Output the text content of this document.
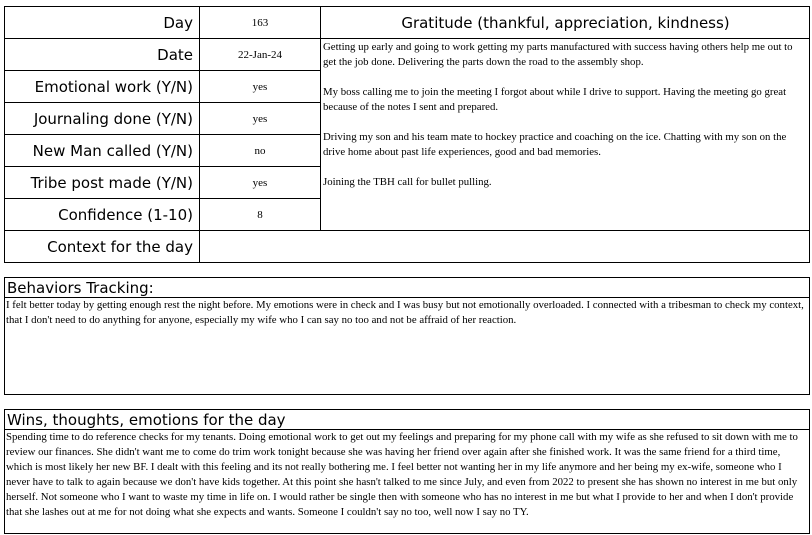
Day	163
Date	22-Jan-24
Emotional work (Y/N)	yes
Journaling done (Y/N)	yes
New Man called (Y/N)	no
Tribe post made (Y/N)	yes
Confidence (1-10)	8
Context for the day
Gratitude (thankful, appreciation, kindness)

Getting up early and going to work getting my parts manufactured with success having others help me out to get the job done. Delivering the parts down the road to the assembly shop.

My boss calling me to join the meeting I forgot about while I drive to support. Having the meeting go great because of the notes I sent and prepared.

Driving my son and his team mate to hockey practice and coaching on the ice. Chatting with my son on the drive home about past life experiences, good and bad memories.

Joining the TBH call for bullet pulling.

Behaviors Tracking:
I felt better today by getting enough rest the night before. My emotions were in check and I was busy but not emotionally overloaded. I connected with a tribesman to check my context, that I don't need to do anything for anyone, especially my wife who I can say no too and not be affraid of her reaction.
Wins, thoughts, emotions for the day
Spending time to do reference checks for my tenants. Doing emotional work to get out my feelings and preparing for my phone call with my wife as she refused to sit down with me to review our finances. She didn't want me to come do trim work tonight because she was having her friend over again after she finished work. It was the same friend for a third time, which is most likely her new BF. I dealt with this feeling and its not really bothering me. I feel better not wanting her in my life anymore and her being my ex-wife, someone who I never have to talk to again because we don't have kids together. At this point she hasn't talked to me since July, and even from 2022 to present she has shown no interest in me but only herself. Not someone who I want to waste my time in life on. I would rather be single then with someone who has no interest in me but what I provide to her and when I don't provide that she lashes out at me for not doing what she expects and wants. Someone I couldn't say no too, well now I say no TY.
